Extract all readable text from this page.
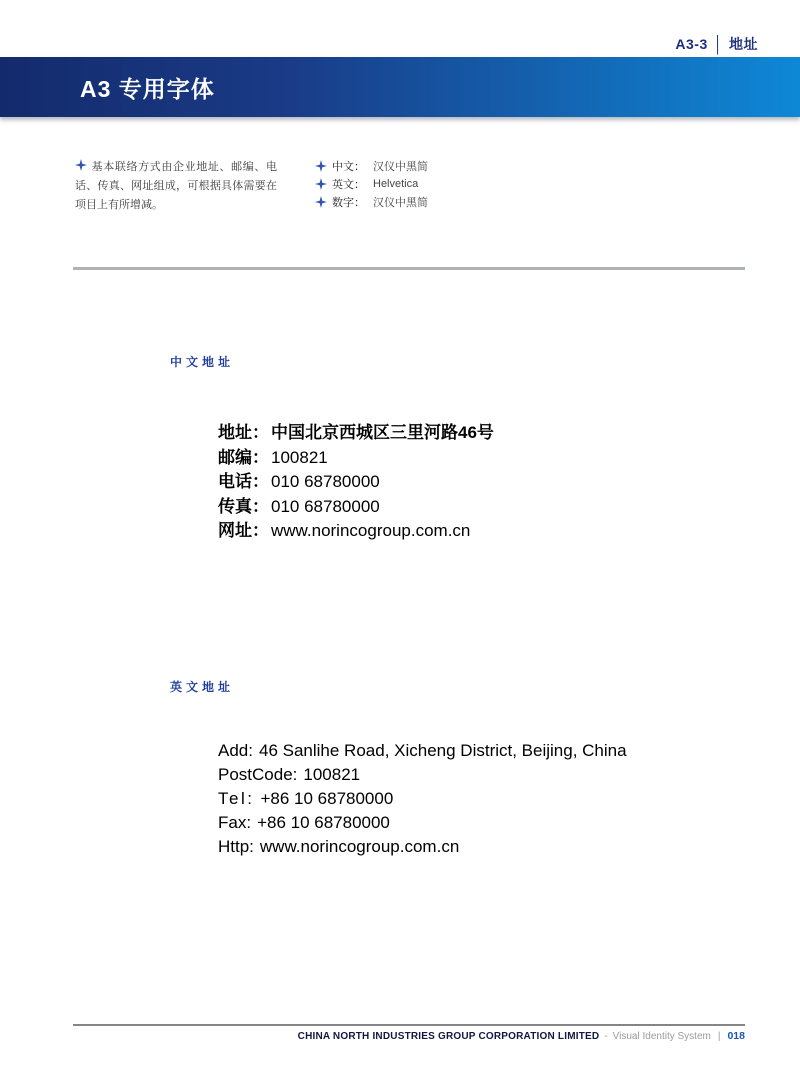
A3-3 │ 地址
A3 专用字体
基本联络方式由企业地址、邮编、电话、传真、网址组成，可根据具体需要在项目上有所增减。
中文： 汉仪中黑简
英文： Helvetica
数字： 汉仪中黑简
中文地址
地址： 中国北京西城区三里河路46号
邮编： 100821
电话： 010 68780000
传真： 010 68780000
网址： www.norincogroup.com.cn
英文地址
Add: 46 Sanlihe Road, Xicheng District, Beijing, China
PostCode: 100821
Tel: +86 10 68780000
Fax: +86 10 68780000
Http: www.norincogroup.com.cn
CHINA NORTH INDUSTRIES GROUP CORPORATION LIMITED - Visual Identity System | 018
